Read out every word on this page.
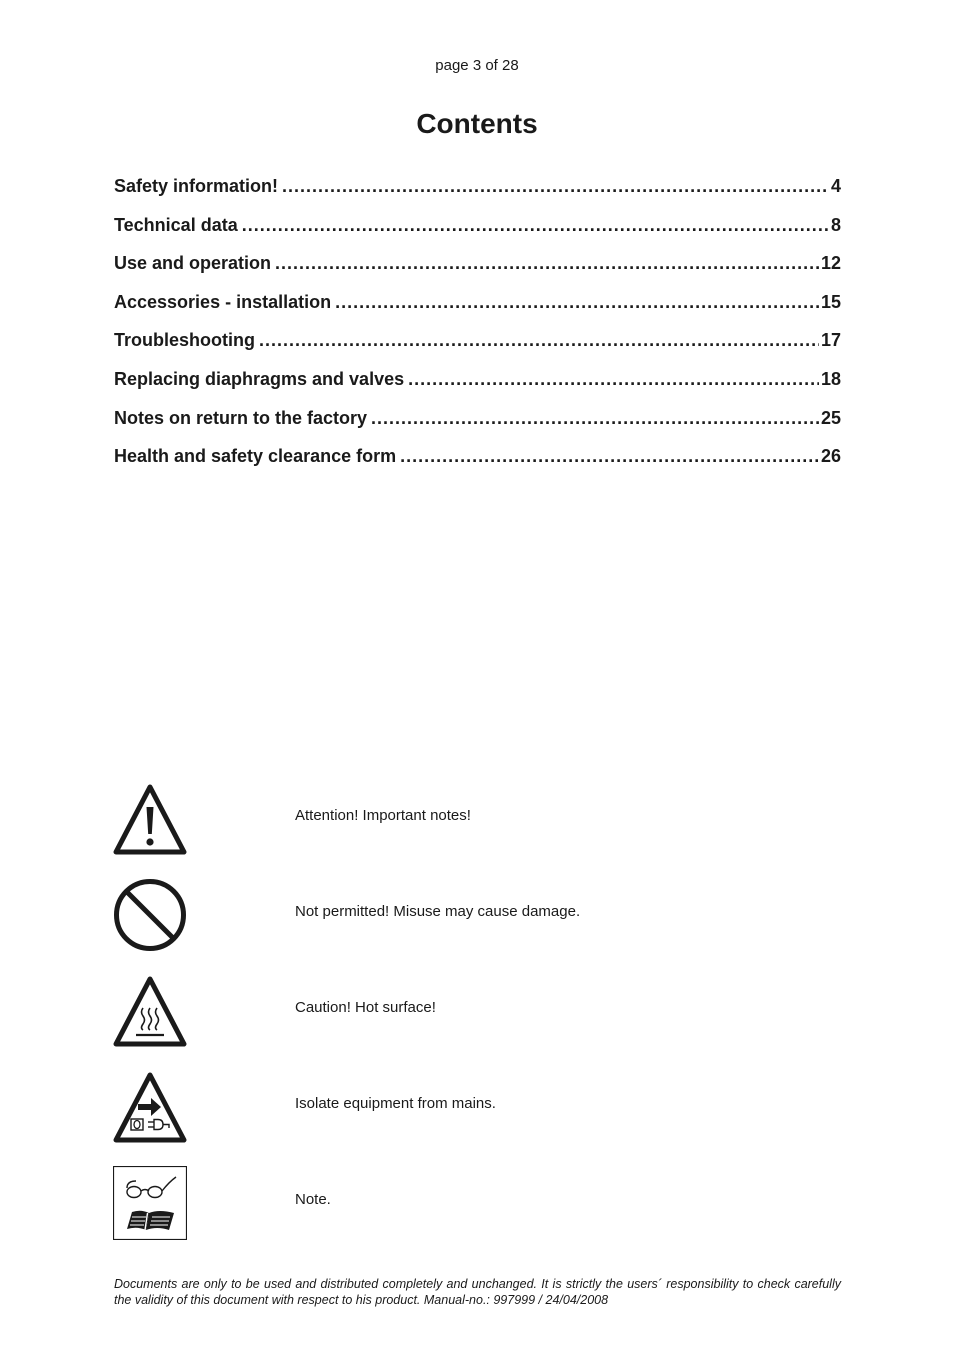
page 3 of 28
Contents
Safety information! .....	4
Technical data .....	8
Use and operation .....	12
Accessories - installation .....	15
Troubleshooting .....	17
Replacing diaphragms and valves .....	18
Notes on return to the factory .....	25
Health and safety clearance form .....	26
Attention! Important notes!
Not permitted! Misuse may cause damage.
Caution! Hot surface!
Isolate equipment from mains.
Note.
Documents are only to be used and distributed completely and unchanged. It is strictly the users´ responsibility to check carefully the validity of this document with respect to his product. Manual-no.: 997999 / 24/04/2008
